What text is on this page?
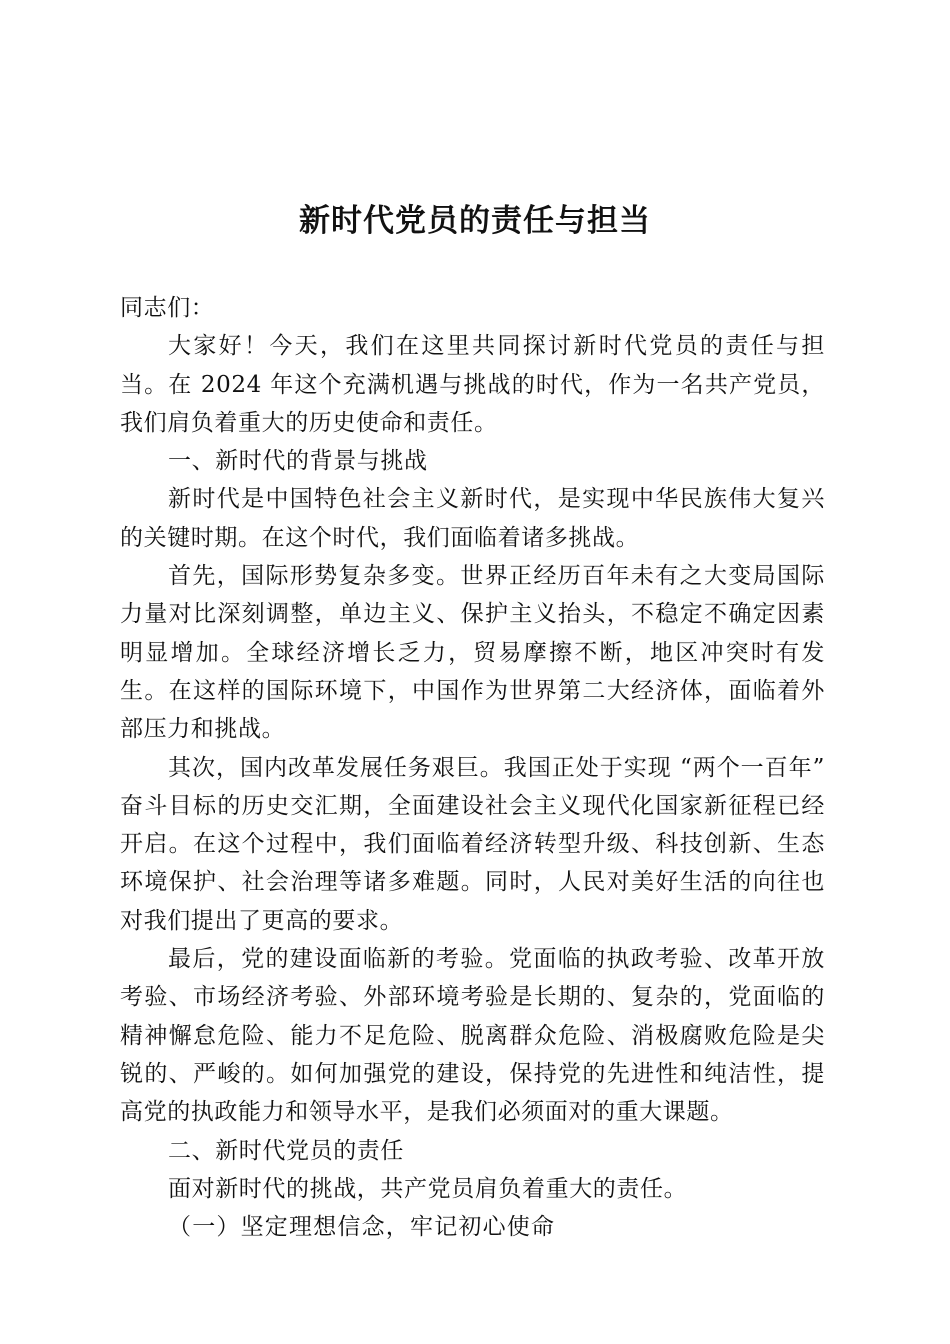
新时代党员的责任与担当

同志们：

大家好！今天，我们在这里共同探讨新时代党员的责任与担当。在 2024 年这个充满机遇与挑战的时代，作为一名共产党员，我们肩负着重大的历史使命和责任。

一、新时代的背景与挑战

新时代是中国特色社会主义新时代，是实现中华民族伟大复兴的关键时期。在这个时代，我们面临着诸多挑战。

首先，国际形势复杂多变。世界正经历百年未有之大变局国际力量对比深刻调整，单边主义、保护主义抬头，不稳定不确定因素明显增加。全球经济增长乏力，贸易摩擦不断，地区冲突时有发生。在这样的国际环境下，中国作为世界第二大经济体，面临着外部压力和挑战。

其次，国内改革发展任务艰巨。我国正处于实现 “两个一百年” 奋斗目标的历史交汇期，全面建设社会主义现代化国家新征程已经开启。在这个过程中，我们面临着经济转型升级、科技创新、生态环境保护、社会治理等诸多难题。同时，人民对美好生活的向往也对我们提出了更高的要求。

最后，党的建设面临新的考验。党面临的执政考验、改革开放考验、市场经济考验、外部环境考验是长期的、复杂的，党面临的精神懈怠危险、能力不足危险、脱离群众危险、消极腐败危险是尖锐的、严峻的。如何加强党的建设，保持党的先进性和纯洁性，提高党的执政能力和领导水平，是我们必须面对的重大课题。

二、新时代党员的责任

面对新时代的挑战，共产党员肩负着重大的责任。

（一）坚定理想信念，牢记初心使命
